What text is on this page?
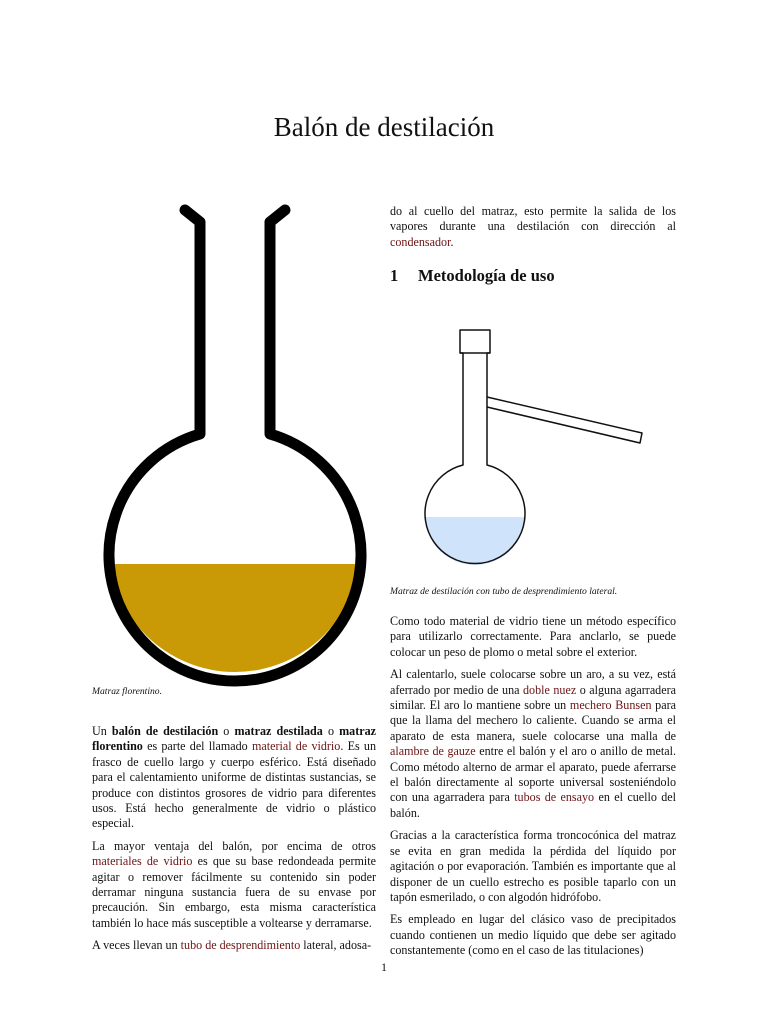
Balón de destilación

Matraz florentino.

Un balón de destilación o matraz destilada o matraz florentino es parte del llamado material de vidrio. Es un frasco de cuello largo y cuerpo esférico. Está diseñado para el calentamiento uniforme de distintas sustancias, se produce con distintos grosores de vidrio para diferentes usos. Está hecho generalmente de vidrio o plástico especial.

La mayor ventaja del balón, por encima de otros materiales de vidrio es que su base redondeada permite agitar o remover fácilmente su contenido sin poder derramar ninguna sustancia fuera de su envase por precaución. Sin embargo, esta misma característica también lo hace más susceptible a voltearse y derramarse.

A veces llevan un tubo de desprendimiento lateral, adosa-

do al cuello del matraz, esto permite la salida de los vapores durante una destilación con dirección al condensador.

1 Metodología de uso

Matraz de destilación con tubo de desprendimiento lateral.

Como todo material de vidrio tiene un método específico para utilizarlo correctamente. Para anclarlo, se puede colocar un peso de plomo o metal sobre el exterior.

Al calentarlo, suele colocarse sobre un aro, a su vez, está aferrado por medio de una doble nuez o alguna agarradera similar. El aro lo mantiene sobre un mechero Bunsen para que la llama del mechero lo caliente. Cuando se arma el aparato de esta manera, suele colocarse una malla de alambre de gauze entre el balón y el aro o anillo de metal. Como método alterno de armar el aparato, puede aferrarse el balón directamente al soporte universal sosteniéndolo con una agarradera para tubos de ensayo en el cuello del balón.

Gracias a la característica forma troncocónica del matraz se evita en gran medida la pérdida del líquido por agitación o por evaporación. También es importante que al disponer de un cuello estrecho es posible taparlo con un tapón esmerilado, o con algodón hidrófobo.

Es empleado en lugar del clásico vaso de precipitados cuando contienen un medio líquido que debe ser agitado constantemente (como en el caso de las titulaciones)

1
